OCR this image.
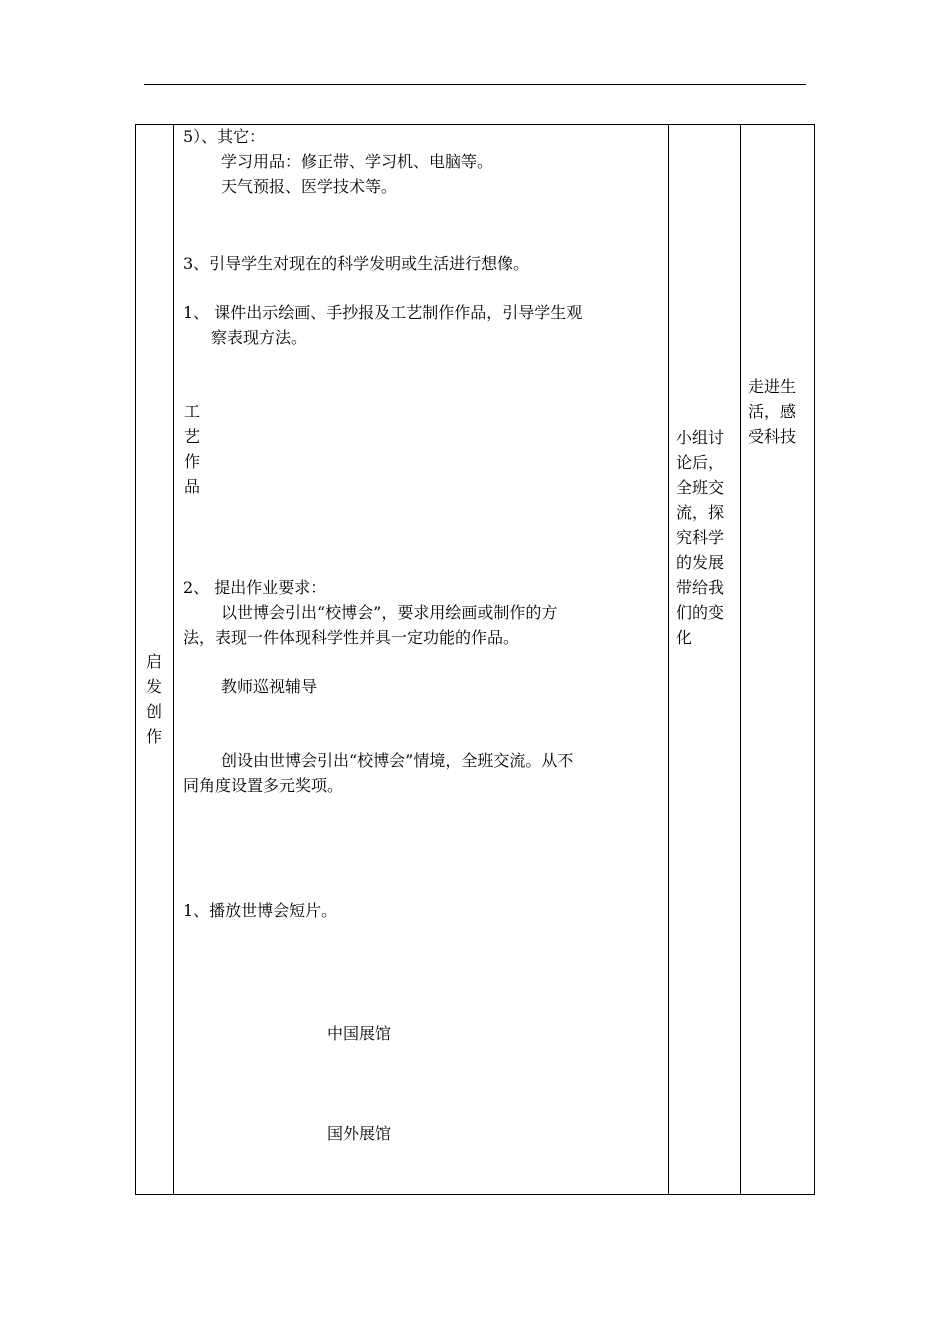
启发创作
5）、其它：
学习用品：修正带、学习机、电脑等。
天气预报、医学技术等。
3、引导学生对现在的科学发明或生活进行想像。
1、 课件出示绘画、手抄报及工艺制作作品，引导学生观
察表现方法。
工艺作品
2、 提出作业要求：
以世博会引出“校博会”，要求用绘画或制作的方
法，表现一件体现科学性并具一定功能的作品。
教师巡视辅导
创设由世博会引出“校博会”情境，全班交流。从不
同角度设置多元奖项。
1、播放世博会短片。
中国展馆
国外展馆
小组讨论后，全班交流，探究科学的发展带给我们的变化
走进生活，感受科技
